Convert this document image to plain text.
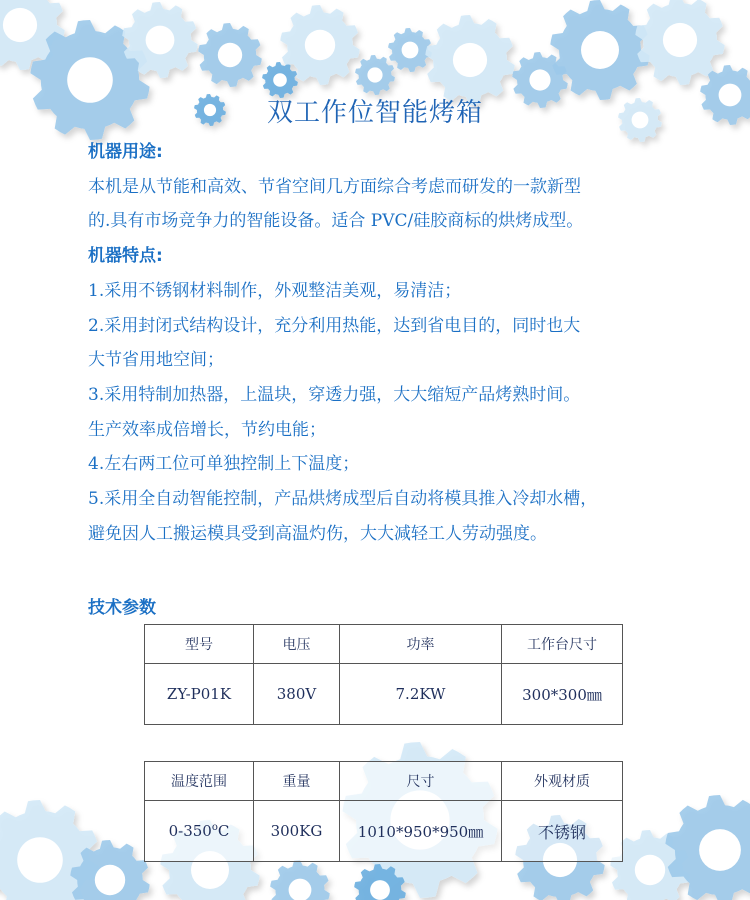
双工作位智能烤箱

机器用途:

本机是从节能和高效、节省空间几方面综合考虑而研发的一款新型

的.具有市场竞争力的智能设备。适合 PVC/硅胶商标的烘烤成型。

机器特点:

1.采用不锈钢材料制作，外观整洁美观，易清洁；

2.采用封闭式结构设计，充分利用热能，达到省电目的，同时也大

大节省用地空间；

3.采用特制加热器，上温块，穿透力强，大大缩短产品烤熟时间。

生产效率成倍增长，节约电能；

4.左右两工位可单独控制上下温度；

5.采用全自动智能控制，产品烘烤成型后自动将模具推入冷却水槽，

避免因人工搬运模具受到高温灼伤，大大减轻工人劳动强度。

技术参数
型号	电压	功率	工作台尺寸
ZY-P01K	380V	7.2KW	300*300㎜
温度范围	重量	尺寸	外观材质
0-350$^o$C	300KG	1010*950*950㎜	不锈钢
